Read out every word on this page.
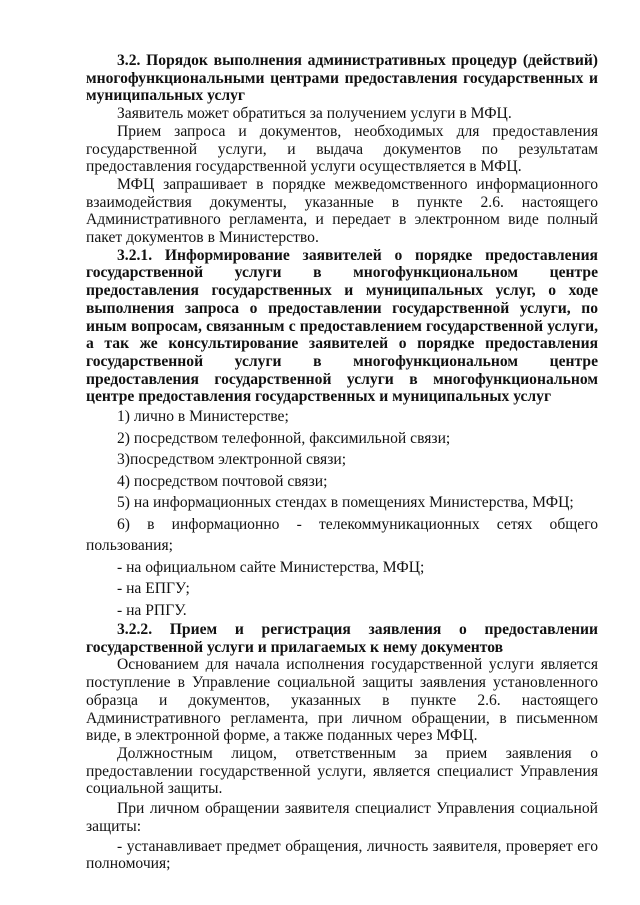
3.2. Порядок выполнения административных процедур (действий) многофункциональными центрами предоставления государственных и муниципальных услуг

Заявитель может обратиться за получением услуги в МФЦ.

Прием запроса и документов, необходимых для предоставления государственной услуги, и выдача документов по результатам предоставления государственной услуги осуществляется в МФЦ.

МФЦ запрашивает в порядке межведомственного информационного взаимодействия документы, указанные в пункте 2.6. настоящего Административного регламента, и передает в электронном виде полный пакет документов в Министерство.

3.2.1. Информирование заявителей о порядке предоставления государственной услуги в многофункциональном центре предоставления государственных и муниципальных услуг, о ходе выполнения запроса о предоставлении государственной услуги, по иным вопросам, связанным с предоставлением государственной услуги, а так же консультирование заявителей о порядке предоставления государственной услуги в многофункциональном центре предоставления государственной услуги в многофункциональном центре предоставления государственных и муниципальных услуг

1) лично в Министерстве;

2) посредством телефонной, факсимильной связи;

3)посредством электронной связи;

4) посредством почтовой связи;

5) на информационных стендах в помещениях Министерства, МФЦ;

6) в информационно - телекоммуникационных сетях общего пользования;

- на официальном сайте Министерства, МФЦ;

- на ЕПГУ;

- на РПГУ.

3.2.2. Прием и регистрация заявления о предоставлении государственной услуги и прилагаемых к нему документов

Основанием для начала исполнения государственной услуги является поступление в Управление социальной защиты заявления установленного образца и документов, указанных в пункте 2.6. настоящего Административного регламента, при личном обращении, в письменном виде, в электронной форме, а также поданных через МФЦ.

Должностным лицом, ответственным за прием заявления о предоставлении государственной услуги, является специалист Управления социальной защиты.

При личном обращении заявителя специалист Управления социальной защиты:

- устанавливает предмет обращения, личность заявителя, проверяет его полномочия;
